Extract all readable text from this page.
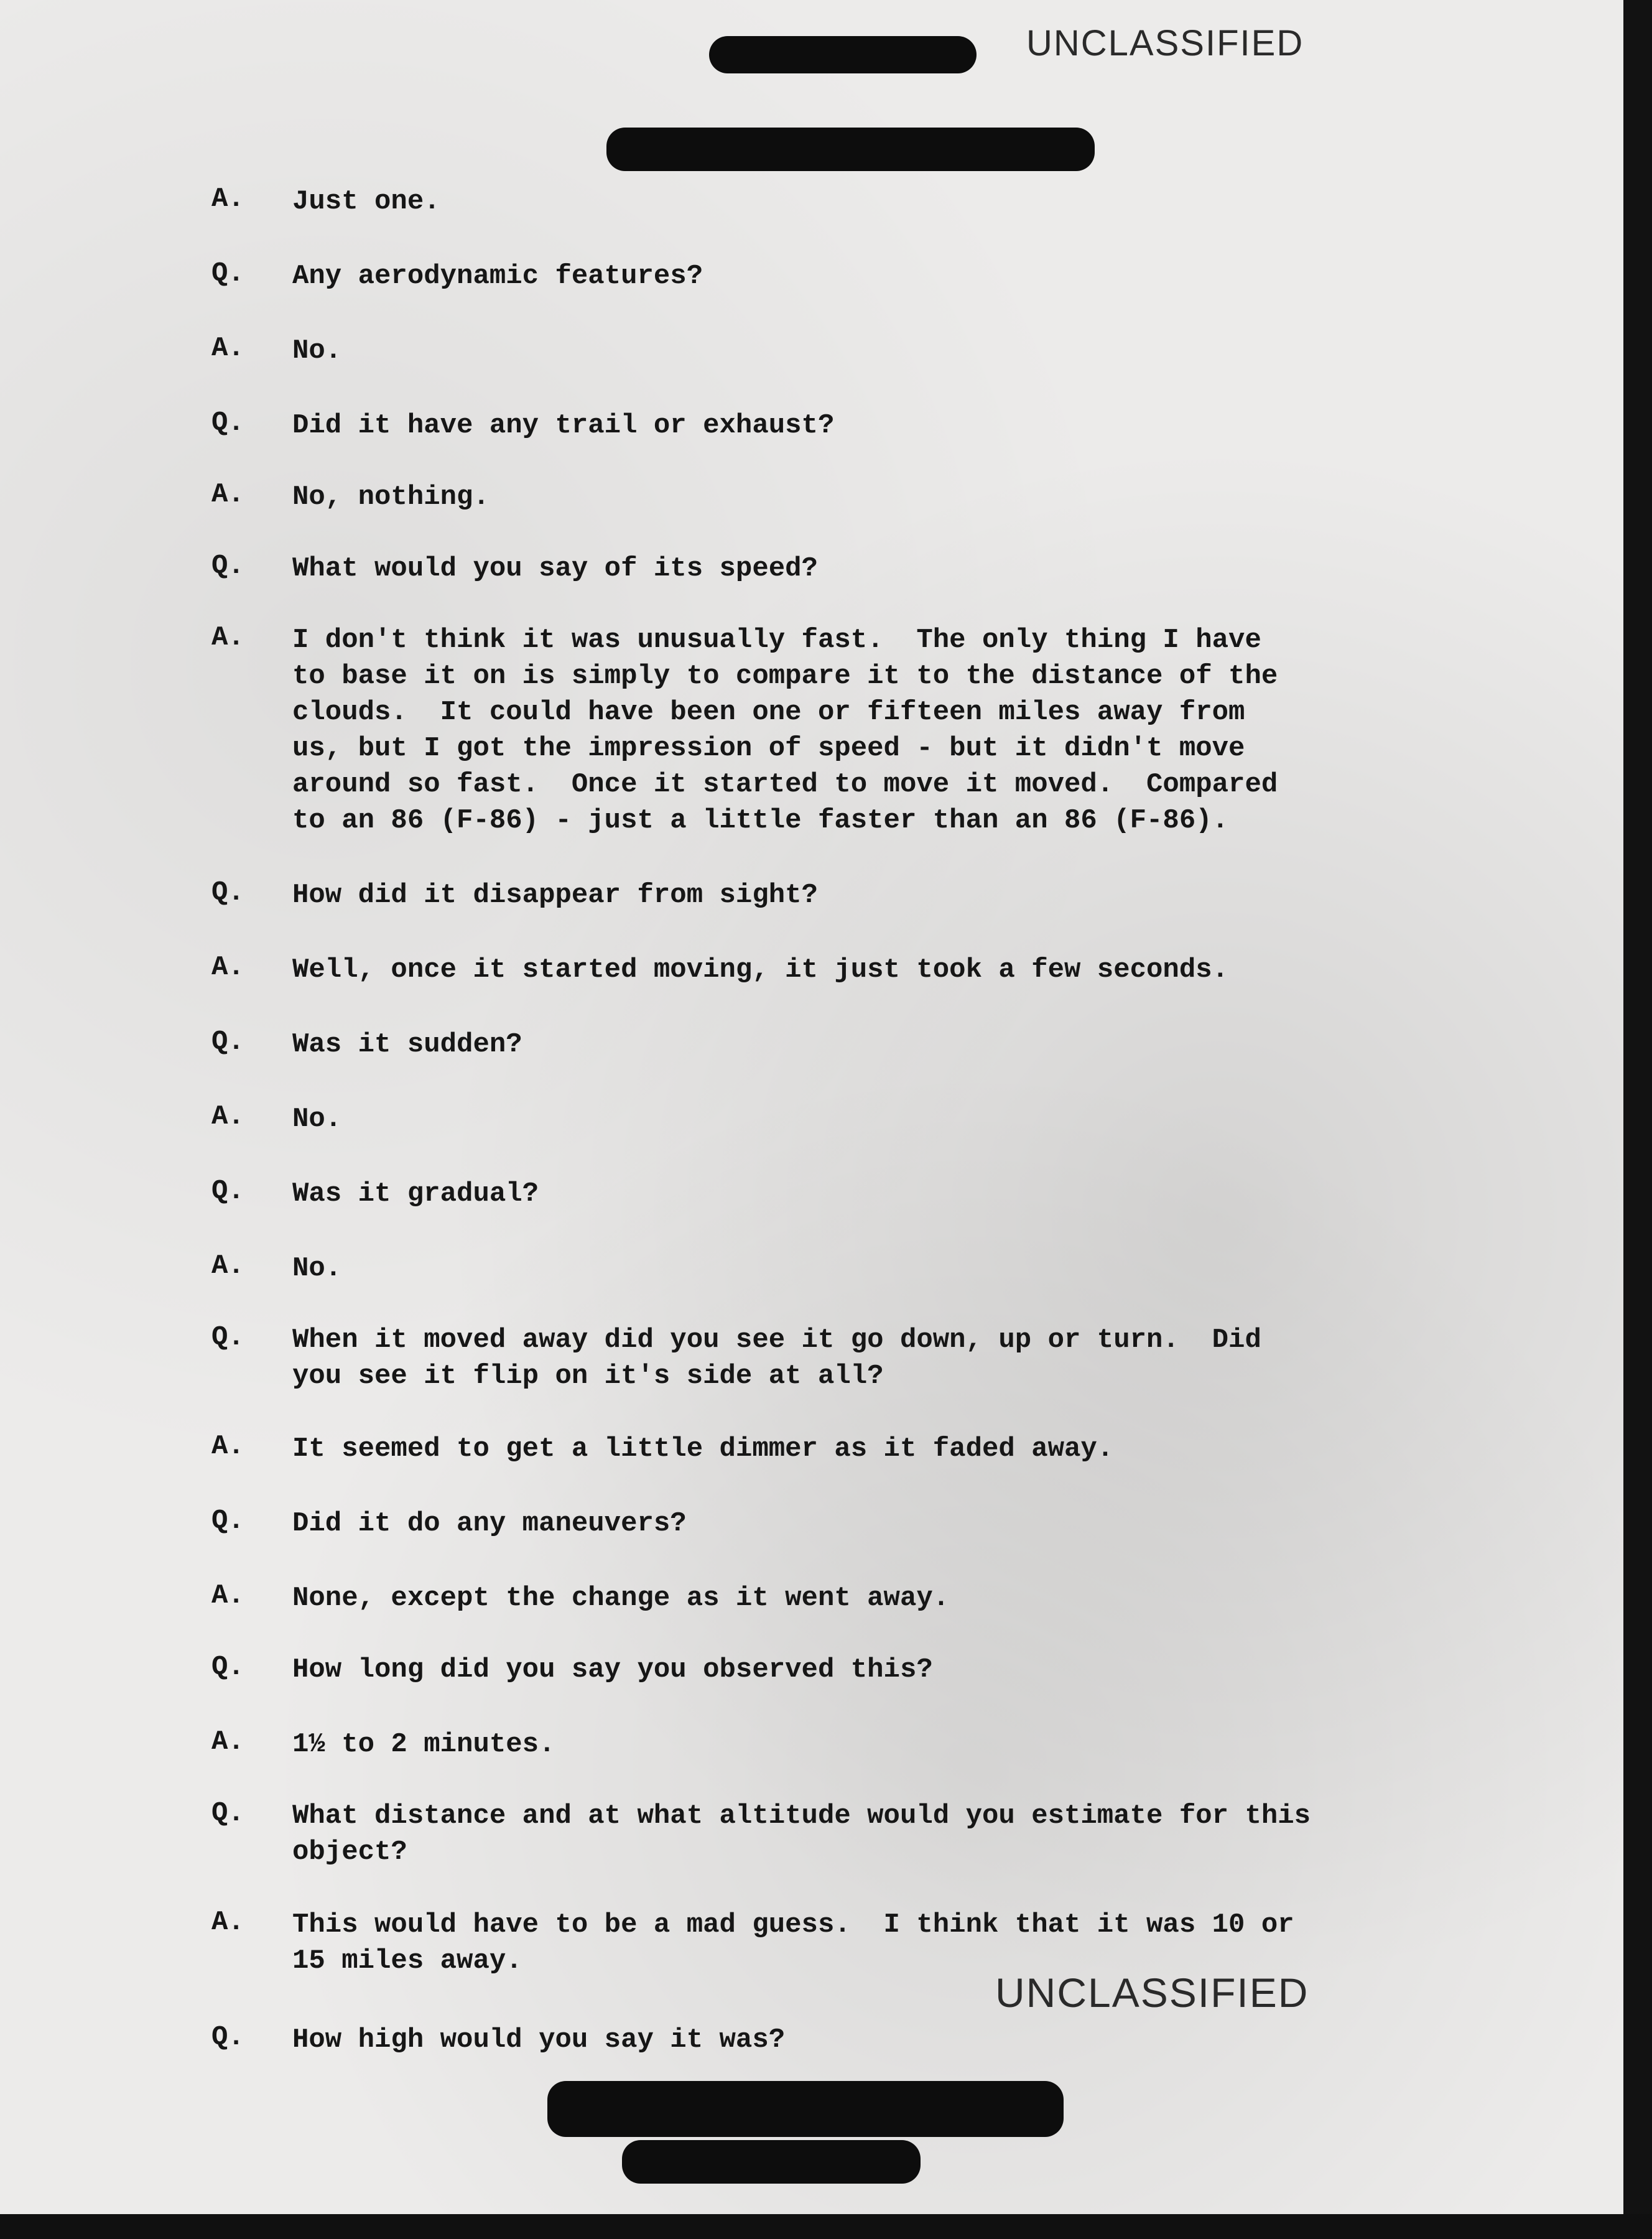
UNCLASSIFIED
A.	Just one.
Q.	Any aerodynamic features?
A.	No.
Q.	Did it have any trail or exhaust?
A.	No, nothing.
Q.	What would you say of its speed?
A.	I don't think it was unusually fast.  The only thing I have
to base it on is simply to compare it to the distance of the
clouds.  It could have been one or fifteen miles away from
us, but I got the impression of speed - but it didn't move
around so fast.  Once it started to move it moved.  Compared
to an 86 (F-86) - just a little faster than an 86 (F-86).
Q.	How did it disappear from sight?
A.	Well, once it started moving, it just took a few seconds.
Q.	Was it sudden?
A.	No.
Q.	Was it gradual?
A.	No.
Q.	When it moved away did you see it go down, up or turn.  Did
you see it flip on it's side at all?
A.	It seemed to get a little dimmer as it faded away.
Q.	Did it do any maneuvers?
A.	None, except the change as it went away.
Q.	How long did you say you observed this?
A.	1½ to 2 minutes.
Q.	What distance and at what altitude would you estimate for this
object?
A.	This would have to be a mad guess.  I think that it was 10 or
15 miles away.
Q.	How high would you say it was?
UNCLASSIFIED
